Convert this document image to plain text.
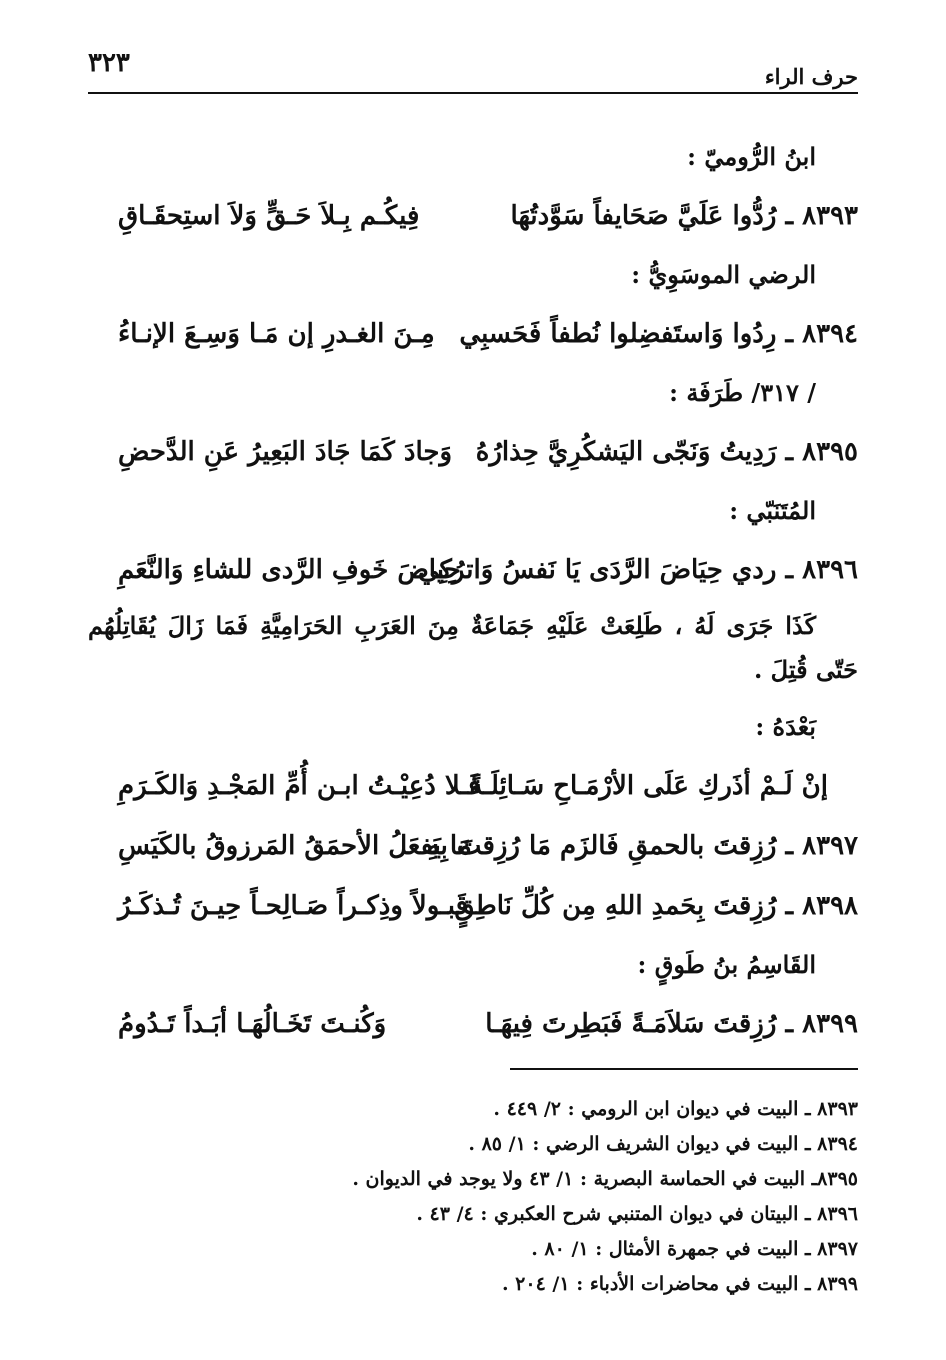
حرف الراء
٣٢٣
ابنُ الرُّوميّ :
٨٣٩٣ ـ رُدُّوا عَلَيَّ صَحَايفاً سَوَّدتُهَا
فِيكُـم بِـلاَ حَـقٍّ وَلاَ استِحقَـاقِ
الرضي الموسَوِيُّ :
٨٣٩٤ ـ رِدُوا وَاستَفضِلوا نُطفاً فَحَسبِي
مِـنَ الغـدرِ إن مَـا وَسِـعَ الإنـاءُ
/ ٣١٧/ طَرَفَة :
٨٣٩٥ ـ رَدِيتُ وَنَجّى اليَشكُرِيَّ حِذارُهُ
وَجادَ كَمَا جَادَ البَعِيرُ عَنِ الدَّحضِ
المُتَنَبّي :
٨٣٩٦ ـ ردي حِيَاضَ الرَّدَى يَا نَفسُ وَاترُكِي
حِياضَ خَوفِ الرَّدى للشاءِ وَالنَّعَمِ

كَذَا جَرَى لَهُ ، طَلِعَتْ عَلَيْهِ جَمَاعَةٌ مِنَ العَرَبِ الحَرَامِيَّةِ فَمَا زَالَ يُقَاتِلُهُم حَتّى قُتِلَ .

بَعْدَهُ :
إنْ لَـمْ أذَركِ عَلَى الأرْمَـاحِ سَـائِلَـةً
فَـلا دُعِيْـتُ ابـن أُمِّ المَجْـدِ وَالكَـرَمِ
٨٣٩٧ ـ رُزِقتَ بالحمقِ فَالزَم مَا رُزِقتَ بِهِ
مَا يَفعَلُ الأحمَقُ المَرزوقُ بالكَيَسِ
٨٣٩٨ ـ رُزِقتَ بِحَمدِ اللهِ مِن كُلِّ نَاطِقٍ
قَبـولاً وذِكـراً صَـالِحـاً حِيـنَ تُـذكَـرُ
القَاسِمُ بنُ طَوقٍ :
٨٣٩٩ ـ رُزِقتَ سَلاَمَـةً فَبَطِرتَ فِيهَـا
وَكُنـتَ تَخَـالُهَـا أبَـداً تَـدُومُ
٨٣٩٣ ـ البيت في ديوان ابن الرومي : ٢/ ٤٤٩ .
٨٣٩٤ ـ البيت في ديوان الشريف الرضي : ١/ ٨٥ .
٨٣٩٥ـ البيت في الحماسة البصرية : ١/ ٤٣ ولا يوجد في الديوان .
٨٣٩٦ ـ البيتان في ديوان المتنبي شرح العكبري : ٤/ ٤٣ .
٨٣٩٧ ـ البيت في جمهرة الأمثال : ١/ ٨٠ .
٨٣٩٩ ـ البيت في محاضرات الأدباء : ١/ ٢٠٤ .
